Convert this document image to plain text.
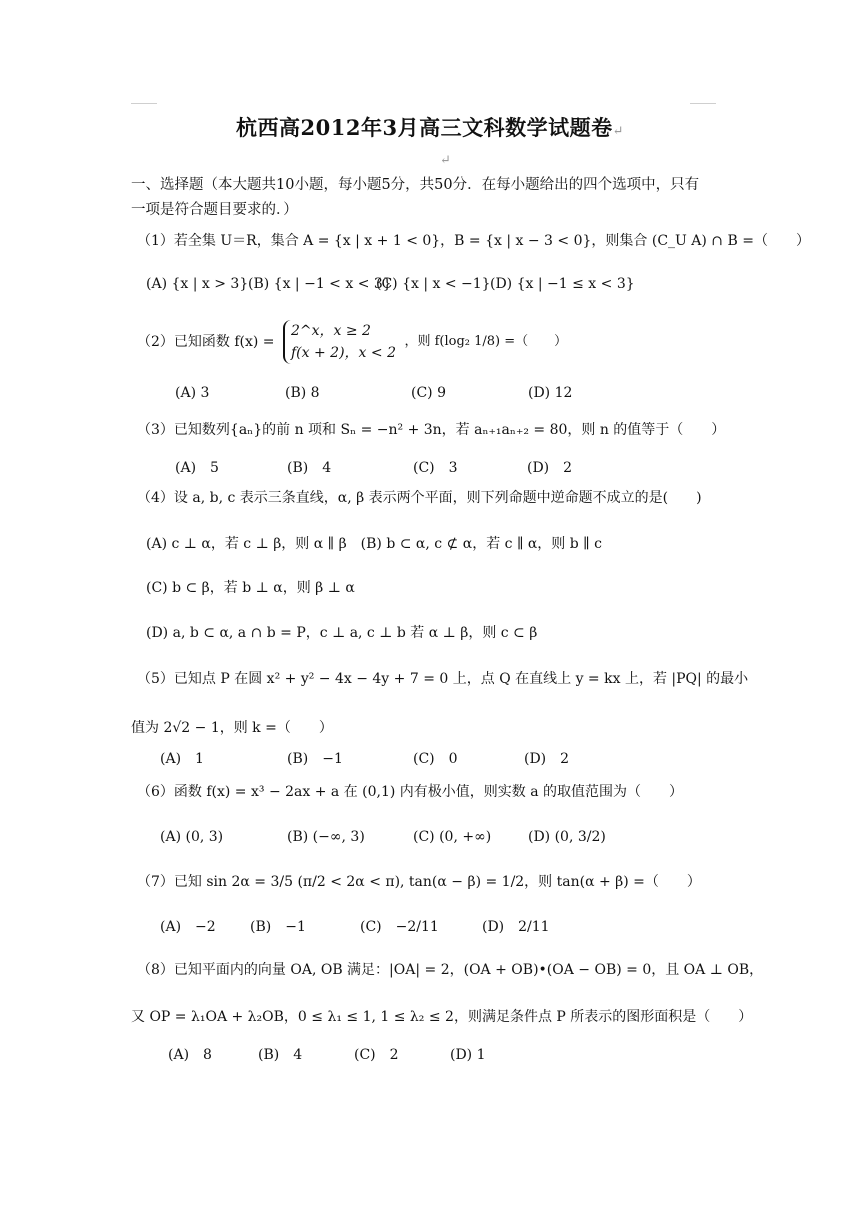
杭西高2012年3月高三文科数学试题卷↵
↵
一、选择题（本大题共10小题，每小题5分，共50分．在每小题给出的四个选项中，只有
一项是符合题目要求的．）
（1）若全集 U＝R，集合 A = {x | x + 1 < 0}，B = {x | x − 3 < 0}，则集合 (C_U A) ∩ B =（　　）
(A) {x | x > 3} (B) {x | −1 < x < 3}
(C) {x | x < −1} (D) {x | −1 ≤ x < 3}
（2）已知函数 f(x) =
2^x，x ≥ 2
f(x + 2)，x < 2
，则 f(log₂ 1/8) =（　　）
(A) 3	(B) 8	(C) 9	(D) 12
（3）已知数列{aₙ}的前 n 项和 Sₙ = −n² + 3n，若 aₙ₊₁aₙ₊₂ = 80，则 n 的值等于（　　）
(A)　5	(B)　4	(C)　3	(D)　2
（4）设 a, b, c 表示三条直线，α, β 表示两个平面，则下列命题中逆命题不成立的是(　　)
(A) c ⊥ α，若 c ⊥ β，则 α ∥ β　(B) b ⊂ α, c ⊄ α，若 c ∥ α，则 b ∥ c
(C) b ⊂ β，若 b ⊥ α，则 β ⊥ α
(D) a, b ⊂ α, a ∩ b = P，c ⊥ a, c ⊥ b 若 α ⊥ β，则 c ⊂ β
（5）已知点 P 在圆 x² + y² − 4x − 4y + 7 = 0 上，点 Q 在直线上 y = kx 上，若 |PQ| 的最小
值为 2√2 − 1，则 k =（　　）
(A)　1	(B)　−1	(C)　0	(D)　2
（6）函数 f(x) = x³ − 2ax + a 在 (0,1) 内有极小值，则实数 a 的取值范围为（　　）
(A) (0, 3)	(B) (−∞, 3)	(C) (0, +∞)	(D) (0, 3/2)
（7）已知 sin 2α = 3/5 (π/2 < 2α < π), tan(α − β) = 1/2，则 tan(α + β) =（　　）
(A)　−2 (B)　−1	(C)　−2/11	(D)　2/11
（8）已知平面内的向量 OA, OB 满足：|OA| = 2，(OA + OB)•(OA − OB) = 0，且 OA ⊥ OB，
又 OP = λ₁OA + λ₂OB，0 ≤ λ₁ ≤ 1, 1 ≤ λ₂ ≤ 2，则满足条件点 P 所表示的图形面积是（　　）
(A)　8	(B)　4	(C)　2	(D) 1
